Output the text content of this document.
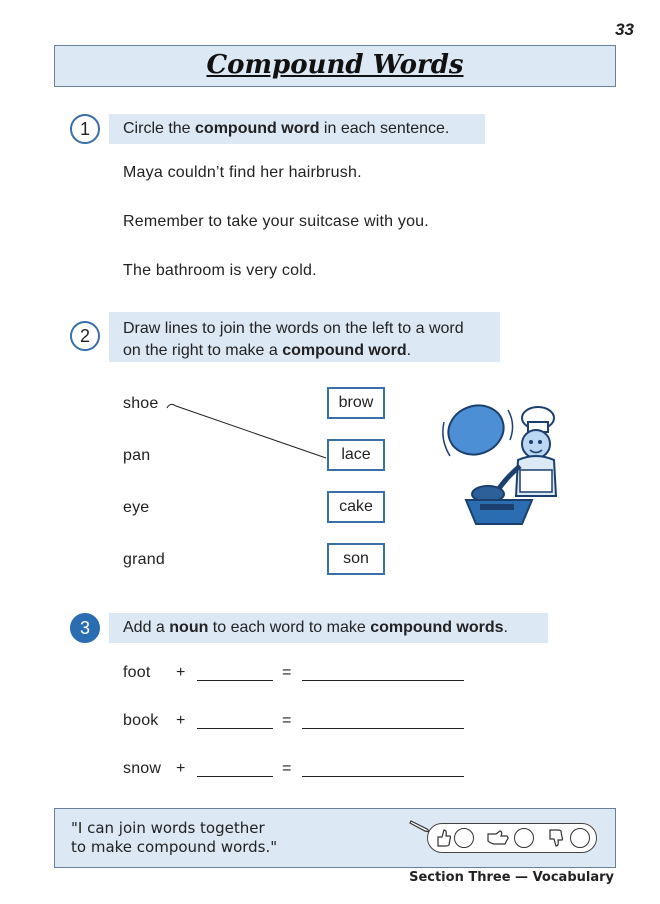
33
Compound Words
1	Circle the compound word in each sentence.
Maya couldn’t find her hairbrush.
Remember to take your suitcase with you.
The bathroom is very cold.
2	Draw lines to join the words on the left to a word
on the right to make a compound word.
shoe
pan
eye
grand
brow
lace
cake
son
3	Add a noun to each word to make compound words.
foot +	=
book +	=
snow +	=
"I can join words together
to make compound words."
Section Three — Vocabulary
